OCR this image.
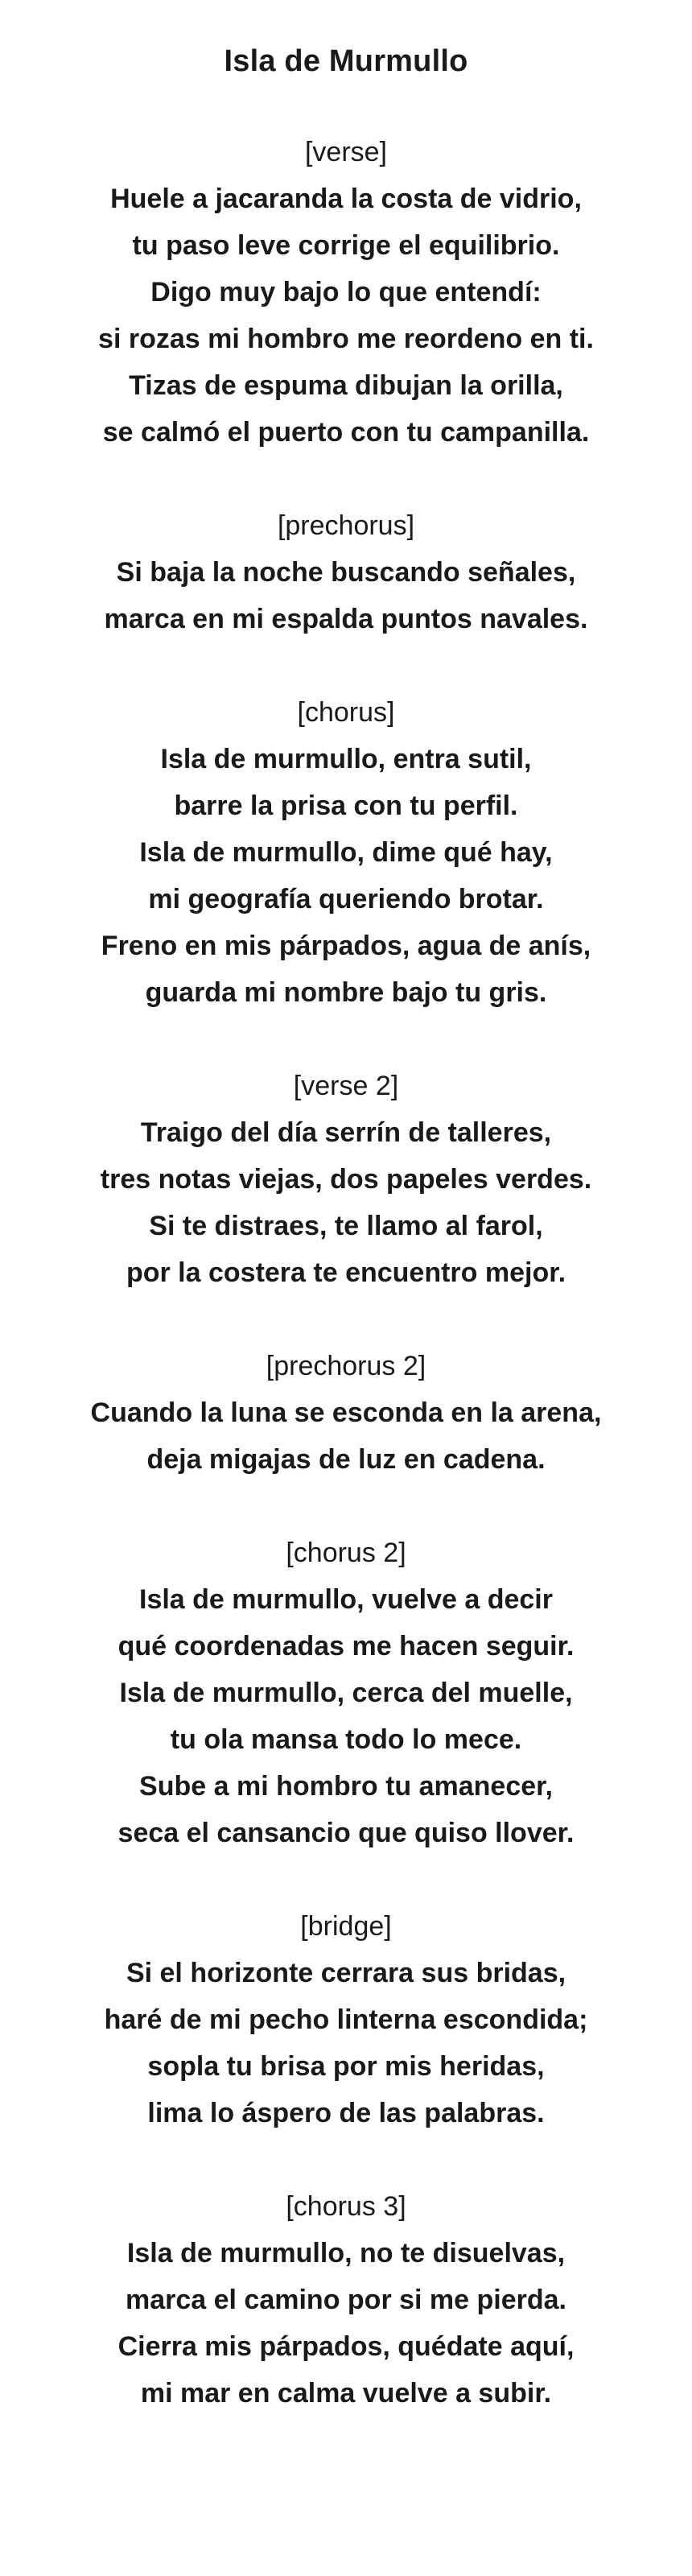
Isla de Murmullo

[verse]

Huele a jacaranda la costa de vidrio,

tu paso leve corrige el equilibrio.

Digo muy bajo lo que entendí:

si rozas mi hombro me reordeno en ti.

Tizas de espuma dibujan la orilla,

se calmó el puerto con tu campanilla.

[prechorus]

Si baja la noche buscando señales,

marca en mi espalda puntos navales.

[chorus]

Isla de murmullo, entra sutil,

barre la prisa con tu perfil.

Isla de murmullo, dime qué hay,

mi geografía queriendo brotar.

Freno en mis párpados, agua de anís,

guarda mi nombre bajo tu gris.

[verse 2]

Traigo del día serrín de talleres,

tres notas viejas, dos papeles verdes.

Si te distraes, te llamo al farol,

por la costera te encuentro mejor.

[prechorus 2]

Cuando la luna se esconda en la arena,

deja migajas de luz en cadena.

[chorus 2]

Isla de murmullo, vuelve a decir

qué coordenadas me hacen seguir.

Isla de murmullo, cerca del muelle,

tu ola mansa todo lo mece.

Sube a mi hombro tu amanecer,

seca el cansancio que quiso llover.

[bridge]

Si el horizonte cerrara sus bridas,

haré de mi pecho linterna escondida;

sopla tu brisa por mis heridas,

lima lo áspero de las palabras.

[chorus 3]

Isla de murmullo, no te disuelvas,

marca el camino por si me pierda.

Cierra mis párpados, quédate aquí,

mi mar en calma vuelve a subir.
